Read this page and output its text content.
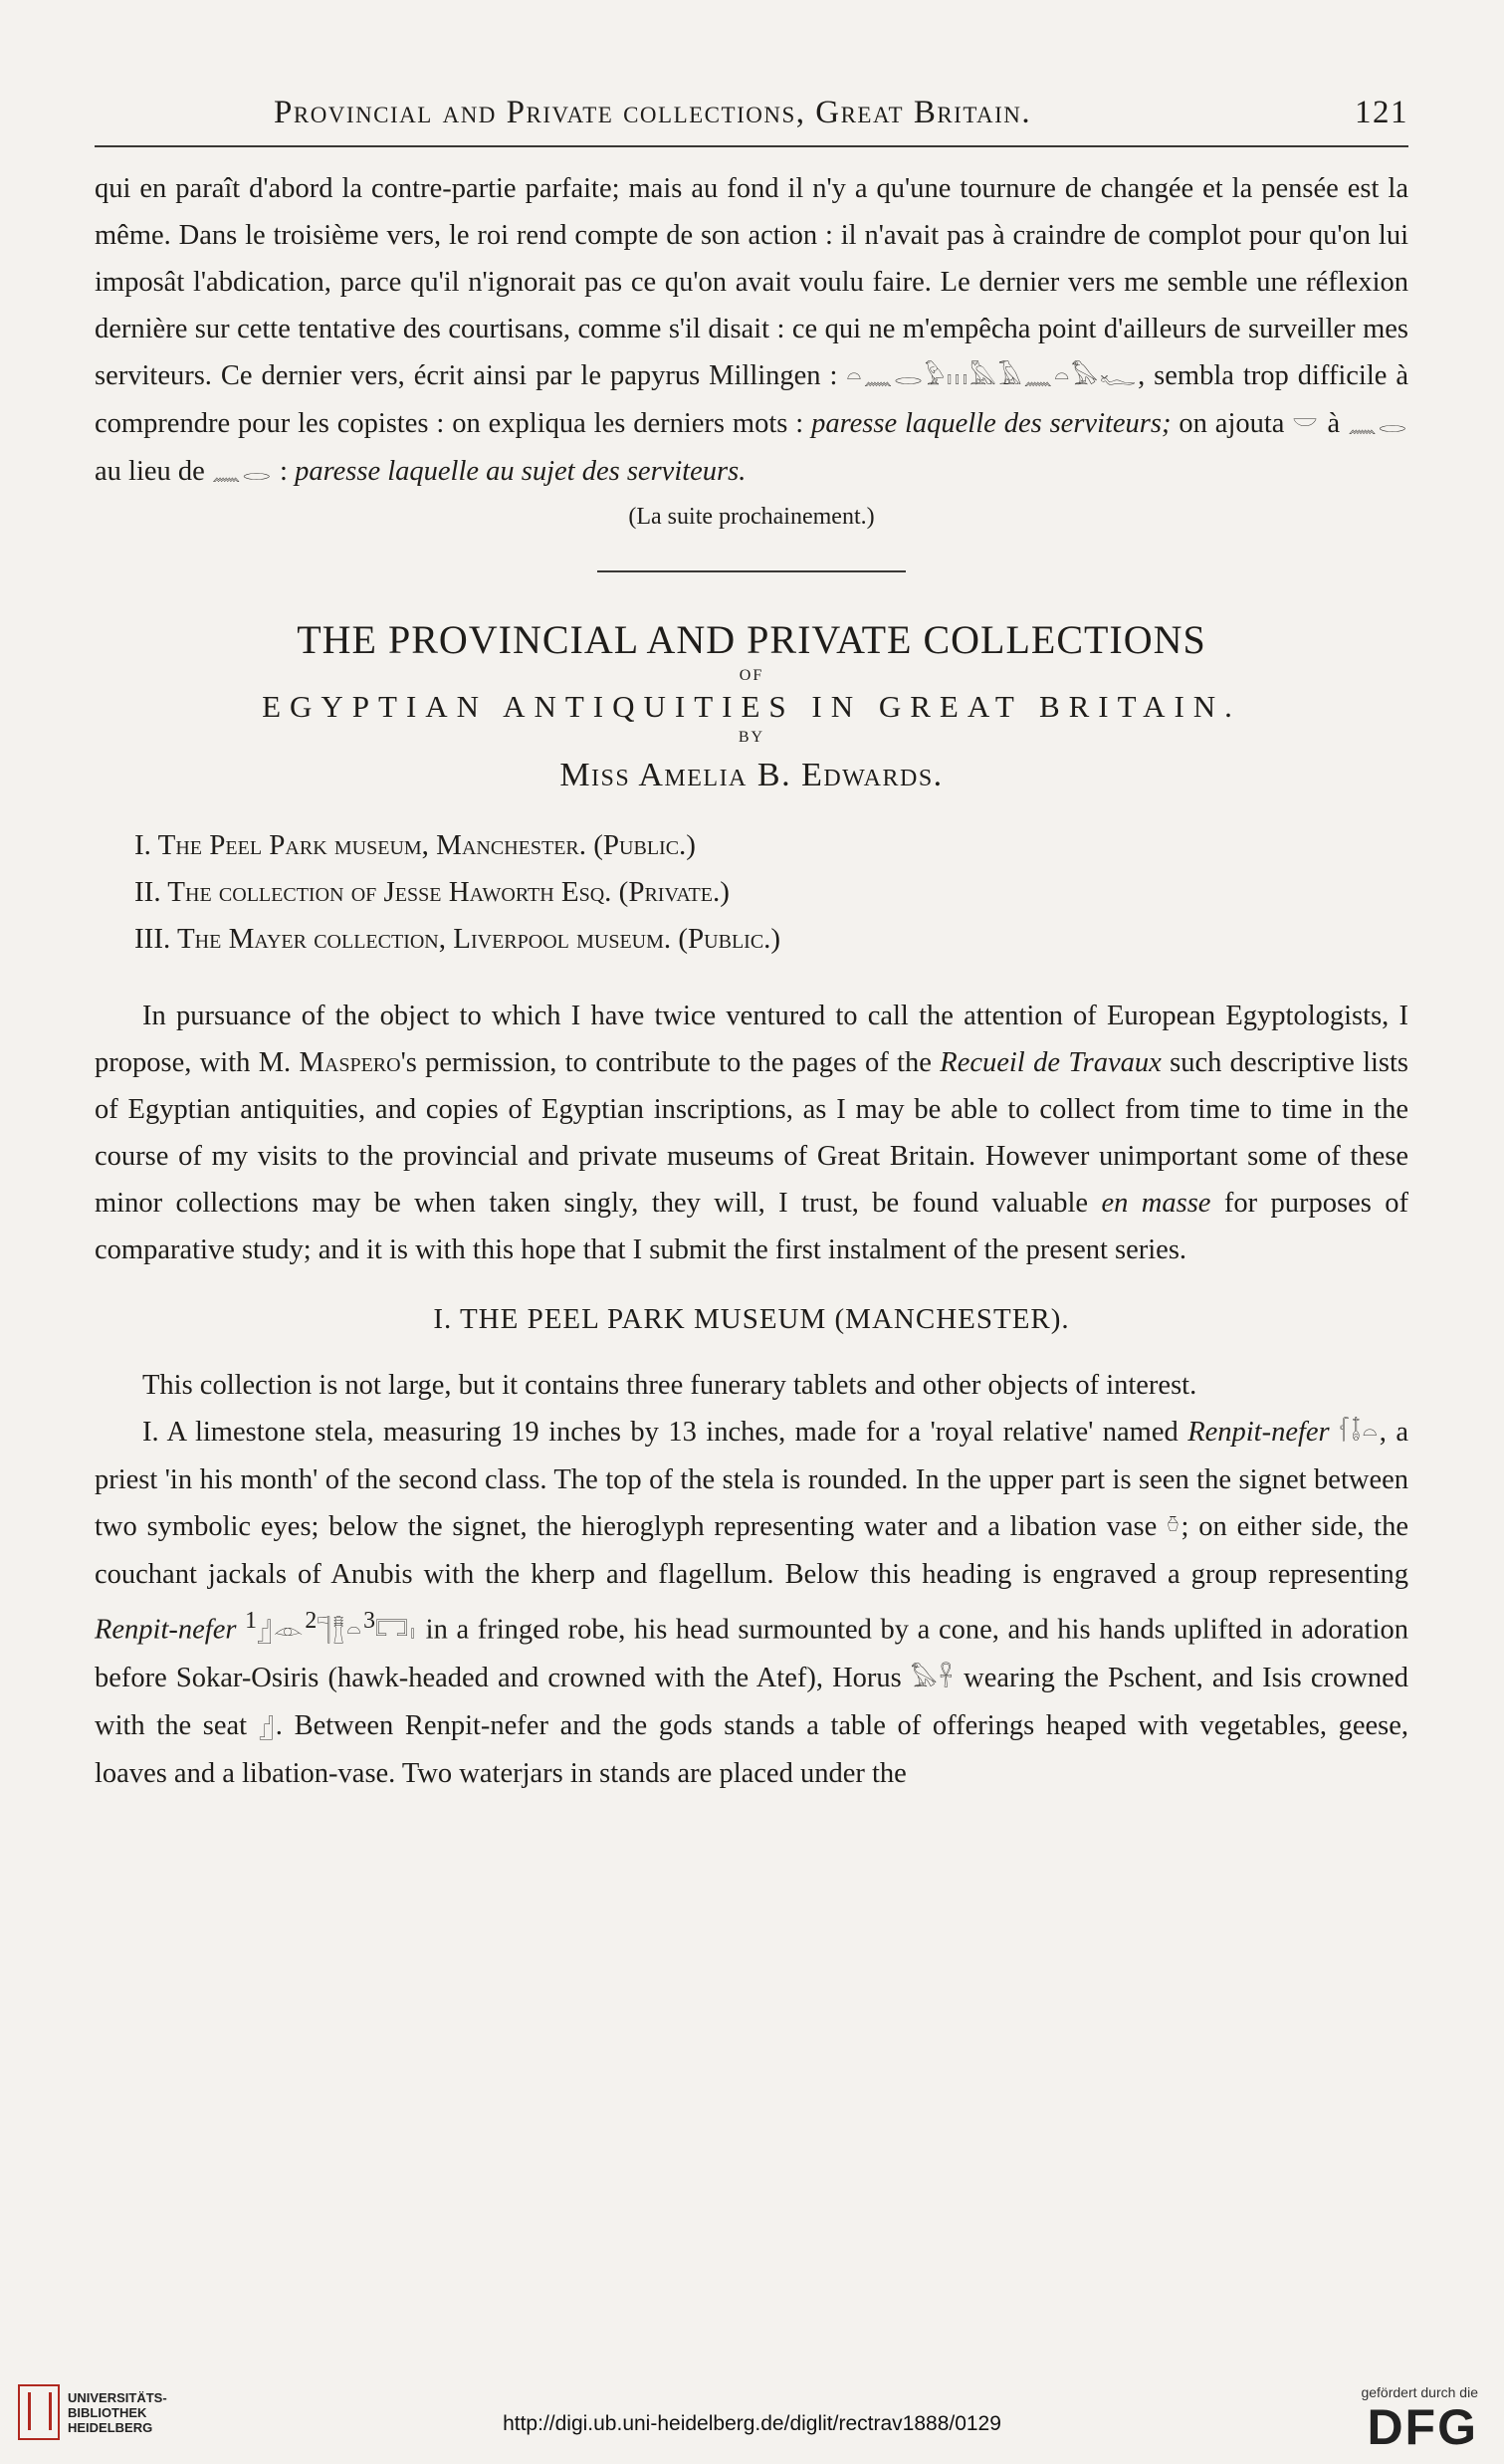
Provincial and Private collections, Great Britain.	121

qui en paraît d'abord la contre-partie parfaite; mais au fond il n'y a qu'une tournure de changée et la pensée est la même. Dans le troisième vers, le roi rend compte de son action : il n'avait pas à craindre de complot pour qu'on lui imposât l'abdication, parce qu'il n'ignorait pas ce qu'on avait voulu faire. Le dernier vers me semble une réflexion dernière sur cette tentative des courtisans, comme s'il disait : ce qui ne m'empêcha point d'ailleurs de surveiller mes serviteurs. Ce dernier vers, écrit ainsi par le papyrus Millingen : 𓏏𓈖𓂋𓅱𓏥𓅓𓄿𓈖𓏏𓅃𓆑, sembla trop difficile à comprendre pour les copistes : on expliqua les derniers mots : paresse laquelle des serviteurs; on ajouta 𓎟 à 𓈖𓂋 au lieu de 𓈖𓂋 : paresse laquelle au sujet des serviteurs.

(La suite prochainement.)

THE PROVINCIAL AND PRIVATE COLLECTIONS

OF

EGYPTIAN ANTIQUITIES IN GREAT BRITAIN.

BY

Miss Amelia B. Edwards.

I. The Peel Park museum, Manchester. (Public.)
II. The collection of Jesse Haworth Esq. (Private.)
III. The Mayer collection, Liverpool museum. (Public.)

In pursuance of the object to which I have twice ventured to call the attention of European Egyptologists, I propose, with M. Maspero's permission, to contribute to the pages of the Recueil de Travaux such descriptive lists of Egyptian antiquities, and copies of Egyptian inscriptions, as I may be able to collect from time to time in the course of my visits to the provincial and private museums of Great Britain. However unimportant some of these minor collections may be when taken singly, they will, I trust, be found valuable en masse for purposes of comparative study; and it is with this hope that I submit the first instalment of the present series.

I. THE PEEL PARK MUSEUM (MANCHESTER).

This collection is not large, but it contains three funerary tablets and other objects of interest.

I. A limestone stela, measuring 19 inches by 13 inches, made for a 'royal relative' named Renpit-nefer 𓆳𓄤𓏏, a priest 'in his month' of the second class. The top of the stela is rounded. In the upper part is seen the signet between two symbolic eyes; below the signet, the hieroglyph representing water and a libation vase 𓏊; on either side, the couchant jackals of Anubis with the kherp and flagellum. Below this heading is engraved a group representing Renpit-nefer $^1$𓊨𓁹$^2$𓊹𓊽𓏏$^3$𓉐𓏤 in a fringed robe, his head surmounted by a cone, and his hands uplifted in adoration before Sokar-Osiris (hawk-headed and crowned with the Atef), Horus 𓅃𓋹 wearing the Pschent, and Isis crowned with the seat 𓊨. Between Renpit-nefer and the gods stands a table of offerings heaped with vegetables, geese, loaves and a libation-vase. Two waterjars in stands are placed under the

UNIVERSITÄTS-
BIBLIOTHEK
HEIDELBERG	http://digi.ub.uni-heidelberg.de/diglit/rectrav1888/0129
gefördert durch die
DFG
